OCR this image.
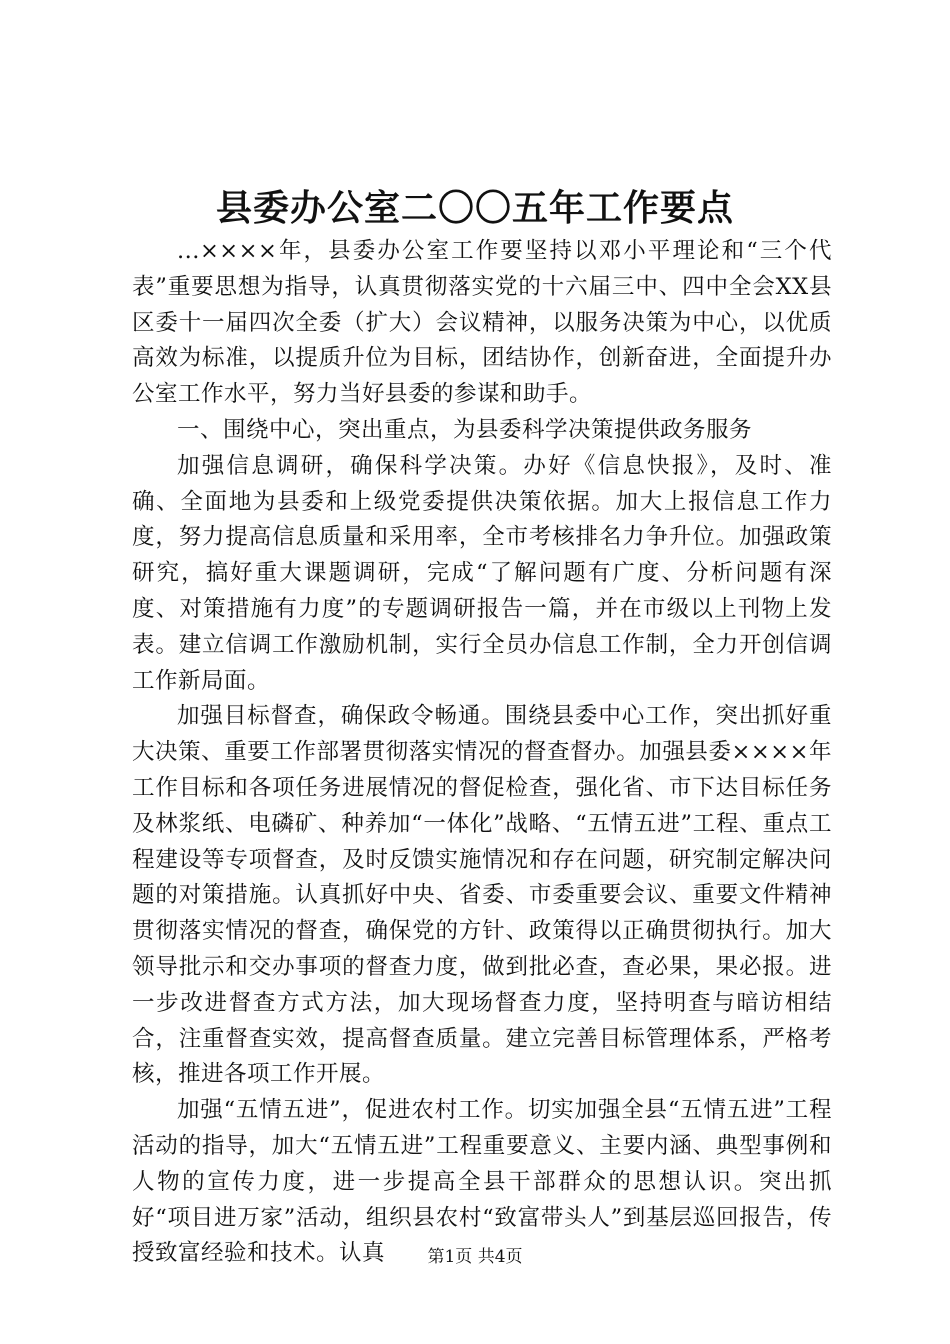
县委办公室二〇〇五年工作要点

...××××年，县委办公室工作要坚持以邓小平理论和“三个代表”重要思想为指导，认真贯彻落实党的十六届三中、四中全会XX县区委十一届四次全委（扩大）会议精神，以服务决策为中心，以优质高效为标准，以提质升位为目标，团结协作，创新奋进，全面提升办公室工作水平，努力当好县委的参谋和助手。

一、围绕中心，突出重点，为县委科学决策提供政务服务

加强信息调研，确保科学决策。办好《信息快报》，及时、准确、全面地为县委和上级党委提供决策依据。加大上报信息工作力度，努力提高信息质量和采用率，全市考核排名力争升位。加强政策研究，搞好重大课题调研，完成“了解问题有广度、分析问题有深度、对策措施有力度”的专题调研报告一篇，并在市级以上刊物上发表。建立信调工作激励机制，实行全员办信息工作制，全力开创信调工作新局面。

加强目标督查，确保政令畅通。围绕县委中心工作，突出抓好重大决策、重要工作部署贯彻落实情况的督查督办。加强县委××××年工作目标和各项任务进展情况的督促检查，强化省、市下达目标任务及林浆纸、电磷矿、种养加“一体化”战略、“五情五进”工程、重点工程建设等专项督查，及时反馈实施情况和存在问题，研究制定解决问题的对策措施。认真抓好中央、省委、市委重要会议、重要文件精神贯彻落实情况的督查，确保党的方针、政策得以正确贯彻执行。加大领导批示和交办事项的督查力度，做到批必查，查必果，果必报。进一步改进督查方式方法，加大现场督查力度，坚持明查与暗访相结合，注重督查实效，提高督查质量。建立完善目标管理体系，严格考核，推进各项工作开展。

加强“五情五进”，促进农村工作。切实加强全县“五情五进”工程活动的指导，加大“五情五进”工程重要意义、主要内涵、典型事例和人物的宣传力度，进一步提高全县干部群众的思想认识。突出抓好“项目进万家”活动，组织县农村“致富带头人”到基层巡回报告，传授致富经验和技术。认真	第1页 共4页
